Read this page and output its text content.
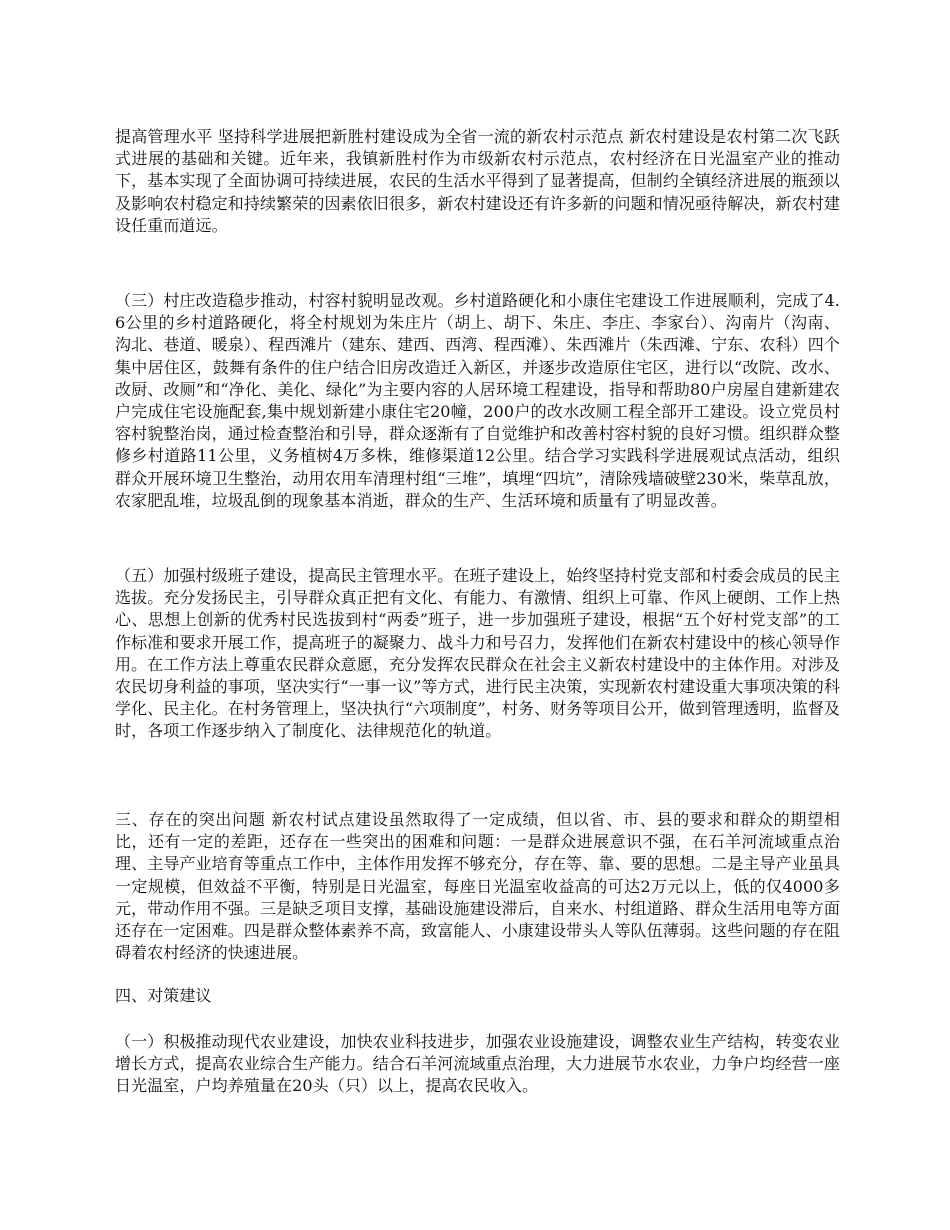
提高管理水平 坚持科学进展把新胜村建设成为全省一流的新农村示范点 新农村建设是农村第二次飞跃式进展的基础和关键。近年来，我镇新胜村作为市级新农村示范点，农村经济在日光温室产业的推动下，基本实现了全面协调可持续进展，农民的生活水平得到了显著提高，但制约全镇经济进展的瓶颈以及影响农村稳定和持续繁荣的因素依旧很多，新农村建设还有许多新的问题和情况亟待解决，新农村建设任重而道远。

（三）村庄改造稳步推动，村容村貌明显改观。乡村道路硬化和小康住宅建设工作进展顺利，完成了4.6公里的乡村道路硬化，将全村规划为朱庄片（胡上、胡下、朱庄、李庄、李家台）、沟南片（沟南、沟北、巷道、暖泉）、程西滩片（建东、建西、西湾、程西滩）、朱西滩片（朱西滩、宁东、农科）四个集中居住区，鼓舞有条件的住户结合旧房改造迁入新区，并逐步改造原住宅区，进行以“改院、改水、改厨、改厕”和“净化、美化、绿化”为主要内容的人居环境工程建设，指导和帮助80户房屋自建新建农户完成住宅设施配套,集中规划新建小康住宅20幢，200户的改水改厕工程全部开工建设。设立党员村容村貌整治岗，通过检查整治和引导，群众逐渐有了自觉维护和改善村容村貌的良好习惯。组织群众整修乡村道路11公里，义务植树4万多株，维修渠道12公里。结合学习实践科学进展观试点活动，组织群众开展环境卫生整治，动用农用车清理村组“三堆”，填埋“四坑”，清除残墙破壁230米，柴草乱放，农家肥乱堆，垃圾乱倒的现象基本消逝，群众的生产、生活环境和质量有了明显改善。

（五）加强村级班子建设，提高民主管理水平。在班子建设上，始终坚持村党支部和村委会成员的民主选拔。充分发扬民主，引导群众真正把有文化、有能力、有激情、组织上可靠、作风上硬朗、工作上热心、思想上创新的优秀村民选拔到村“两委”班子，进一步加强班子建设，根据“五个好村党支部”的工作标准和要求开展工作，提高班子的凝聚力、战斗力和号召力，发挥他们在新农村建设中的核心领导作用。在工作方法上尊重农民群众意愿，充分发挥农民群众在社会主义新农村建设中的主体作用。对涉及农民切身利益的事项，坚决实行“一事一议”等方式，进行民主决策，实现新农村建设重大事项决策的科学化、民主化。在村务管理上，坚决执行“六项制度”，村务、财务等项目公开，做到管理透明，监督及时，各项工作逐步纳入了制度化、法律规范化的轨道。

三、存在的突出问题 新农村试点建设虽然取得了一定成绩，但以省、市、县的要求和群众的期望相比，还有一定的差距，还存在一些突出的困难和问题：一是群众进展意识不强，在石羊河流域重点治理、主导产业培育等重点工作中，主体作用发挥不够充分，存在等、靠、要的思想。二是主导产业虽具一定规模，但效益不平衡，特别是日光温室，每座日光温室收益高的可达2万元以上，低的仅4000多元，带动作用不强。三是缺乏项目支撑，基础设施建设滞后，自来水、村组道路、群众生活用电等方面还存在一定困难。四是群众整体素养不高，致富能人、小康建设带头人等队伍薄弱。这些问题的存在阻碍着农村经济的快速进展。

四、对策建议

（一）积极推动现代农业建设，加快农业科技进步，加强农业设施建设，调整农业生产结构，转变农业增长方式，提高农业综合生产能力。结合石羊河流域重点治理，大力进展节水农业，力争户均经营一座日光温室，户均养殖量在20头（只）以上，提高农民收入。
